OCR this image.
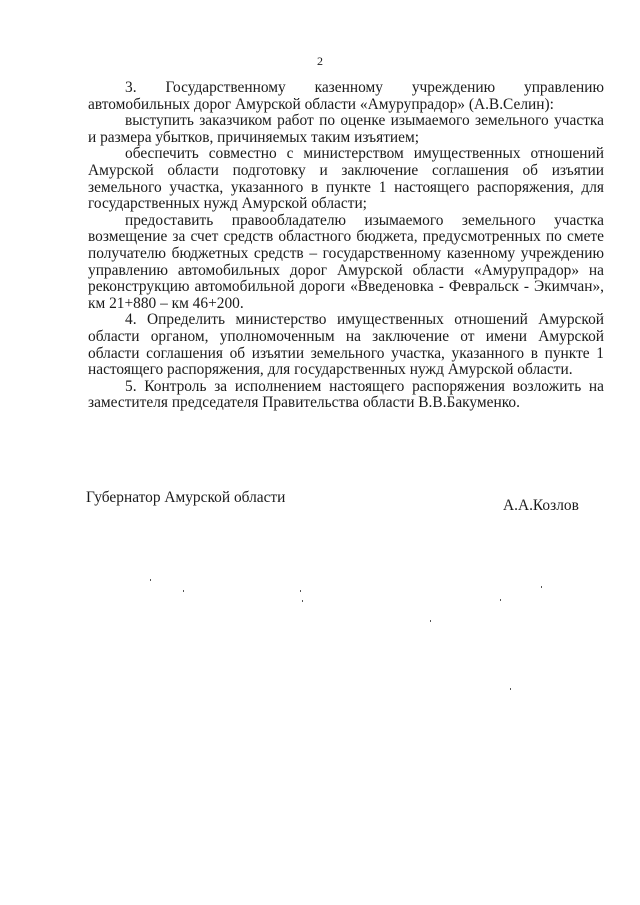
2

3. Государственному казенному учреждению управлению автомобильных дорог Амурской области «Амурупрадор» (А.В.Селин):

выступить заказчиком работ по оценке изымаемого земельного участка и размера убытков, причиняемых таким изъятием;

обеспечить совместно с министерством имущественных отношений Амурской области подготовку и заключение соглашения об изъятии земельного участка, указанного в пункте 1 настоящего распоряжения, для государственных нужд Амурской области;

предоставить правообладателю изымаемого земельного участка возмещение за счет средств областного бюджета, предусмотренных по смете получателю бюджетных средств – государственному казенному учреждению управлению автомобильных дорог Амурской области «Амурупрадор» на реконструкцию автомобильной дороги «Введеновка - Февральск - Экимчан», км 21+880 – км 46+200.

4. Определить министерство имущественных отношений Амурской области органом, уполномоченным на заключение от имени Амурской области соглашения об изъятии земельного участка, указанного в пункте 1 настоящего распоряжения, для государственных нужд Амурской области.

5. Контроль за исполнением настоящего распоряжения возложить на заместителя председателя Правительства области В.В.Бакуменко.

Губернатор Амурской области	А.А.Козлов
